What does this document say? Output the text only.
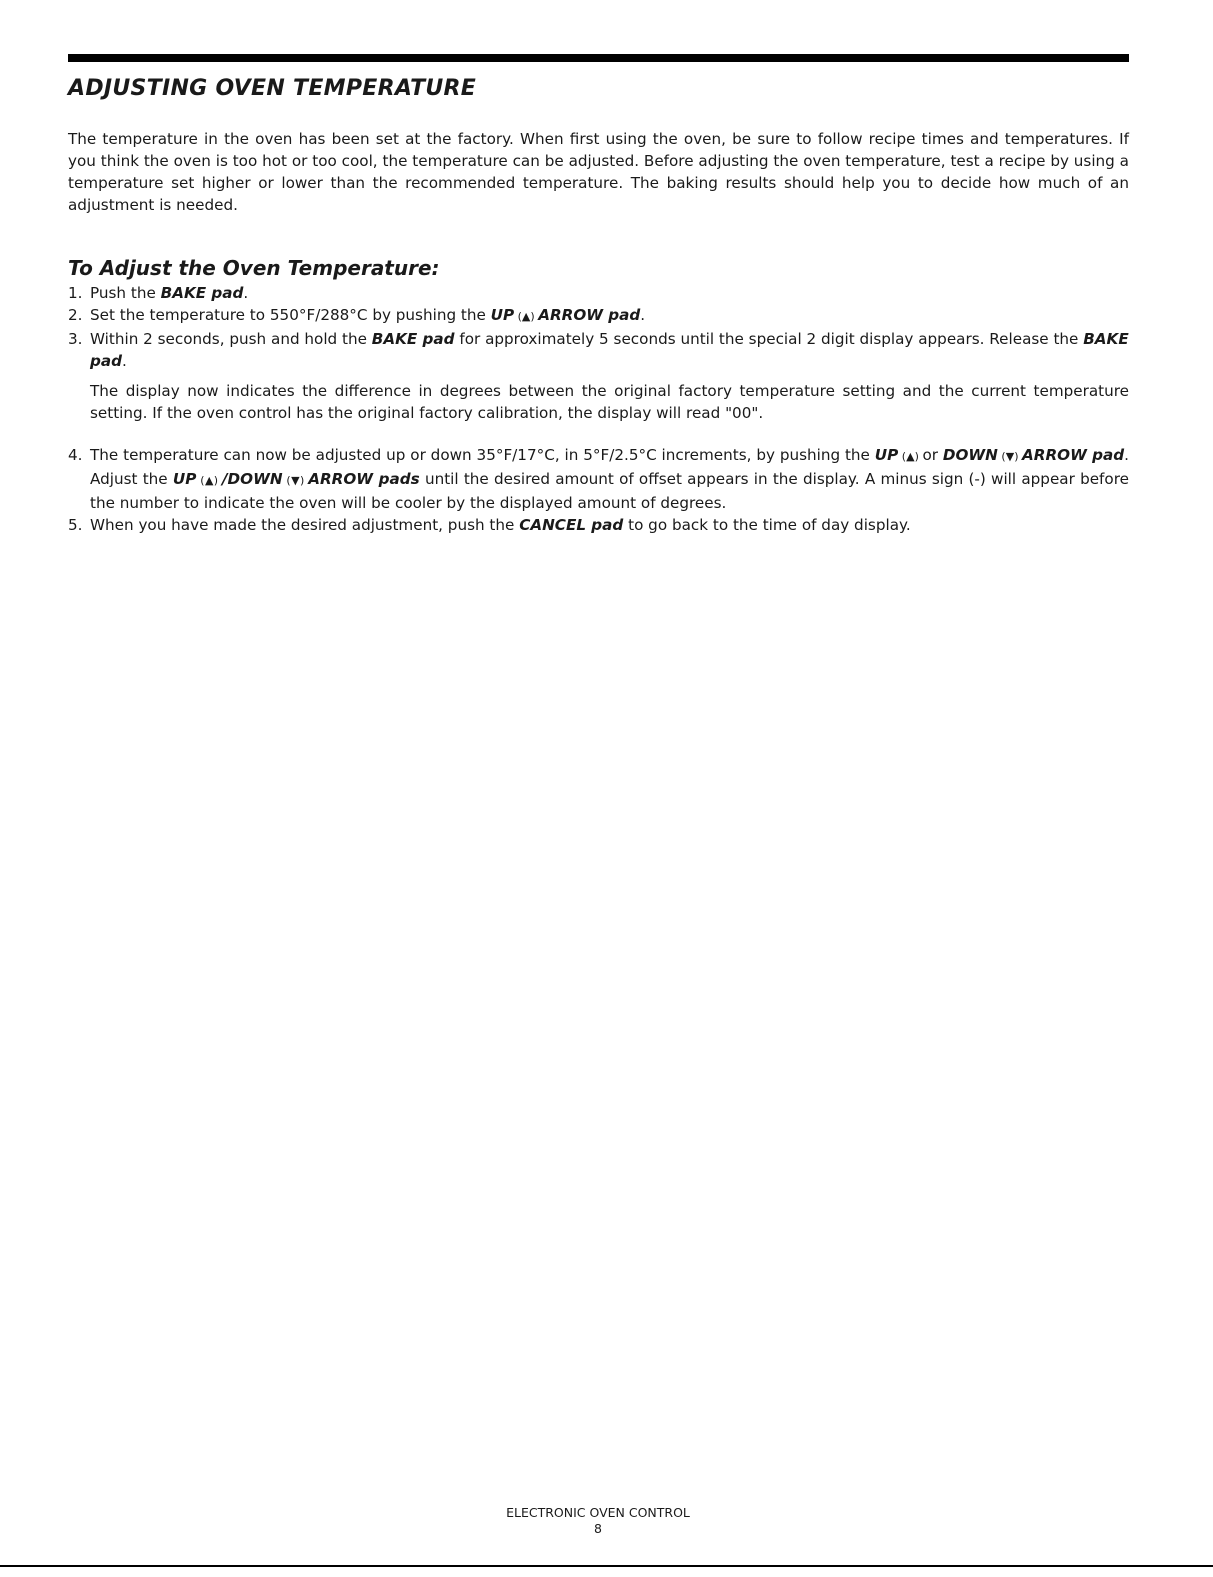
ADJUSTING OVEN TEMPERATURE

The temperature in the oven has been set at the factory. When first using the oven, be sure to follow recipe times and temperatures. If you think the oven is too hot or too cool, the temperature can be adjusted. Before adjusting the oven temperature, test a recipe by using a temperature set higher or lower than the recommended temperature. The baking results should help you to decide how much of an adjustment is needed.

To Adjust the Oven Temperature:
1. Push the BAKE pad.
2. Set the temperature to 550°F/288°C by pushing the UP (▲) ARROW pad.
3. Within 2 seconds, push and hold the BAKE pad for approximately 5 seconds until the special 2 digit display appears. Release the BAKE pad.
The display now indicates the difference in degrees between the original factory temperature setting and the current temperature setting. If the oven control has the original factory calibration, the display will read "00".
4. The temperature can now be adjusted up or down 35°F/17°C, in 5°F/2.5°C increments, by pushing the UP (▲) or DOWN (▼) ARROW pad. Adjust the UP (▲) /DOWN (▼) ARROW pads until the desired amount of offset appears in the display. A minus sign (-) will appear before the number to indicate the oven will be cooler by the displayed amount of degrees.
5. When you have made the desired adjustment, push the CANCEL pad to go back to the time of day display.
ELECTRONIC OVEN CONTROL
8
